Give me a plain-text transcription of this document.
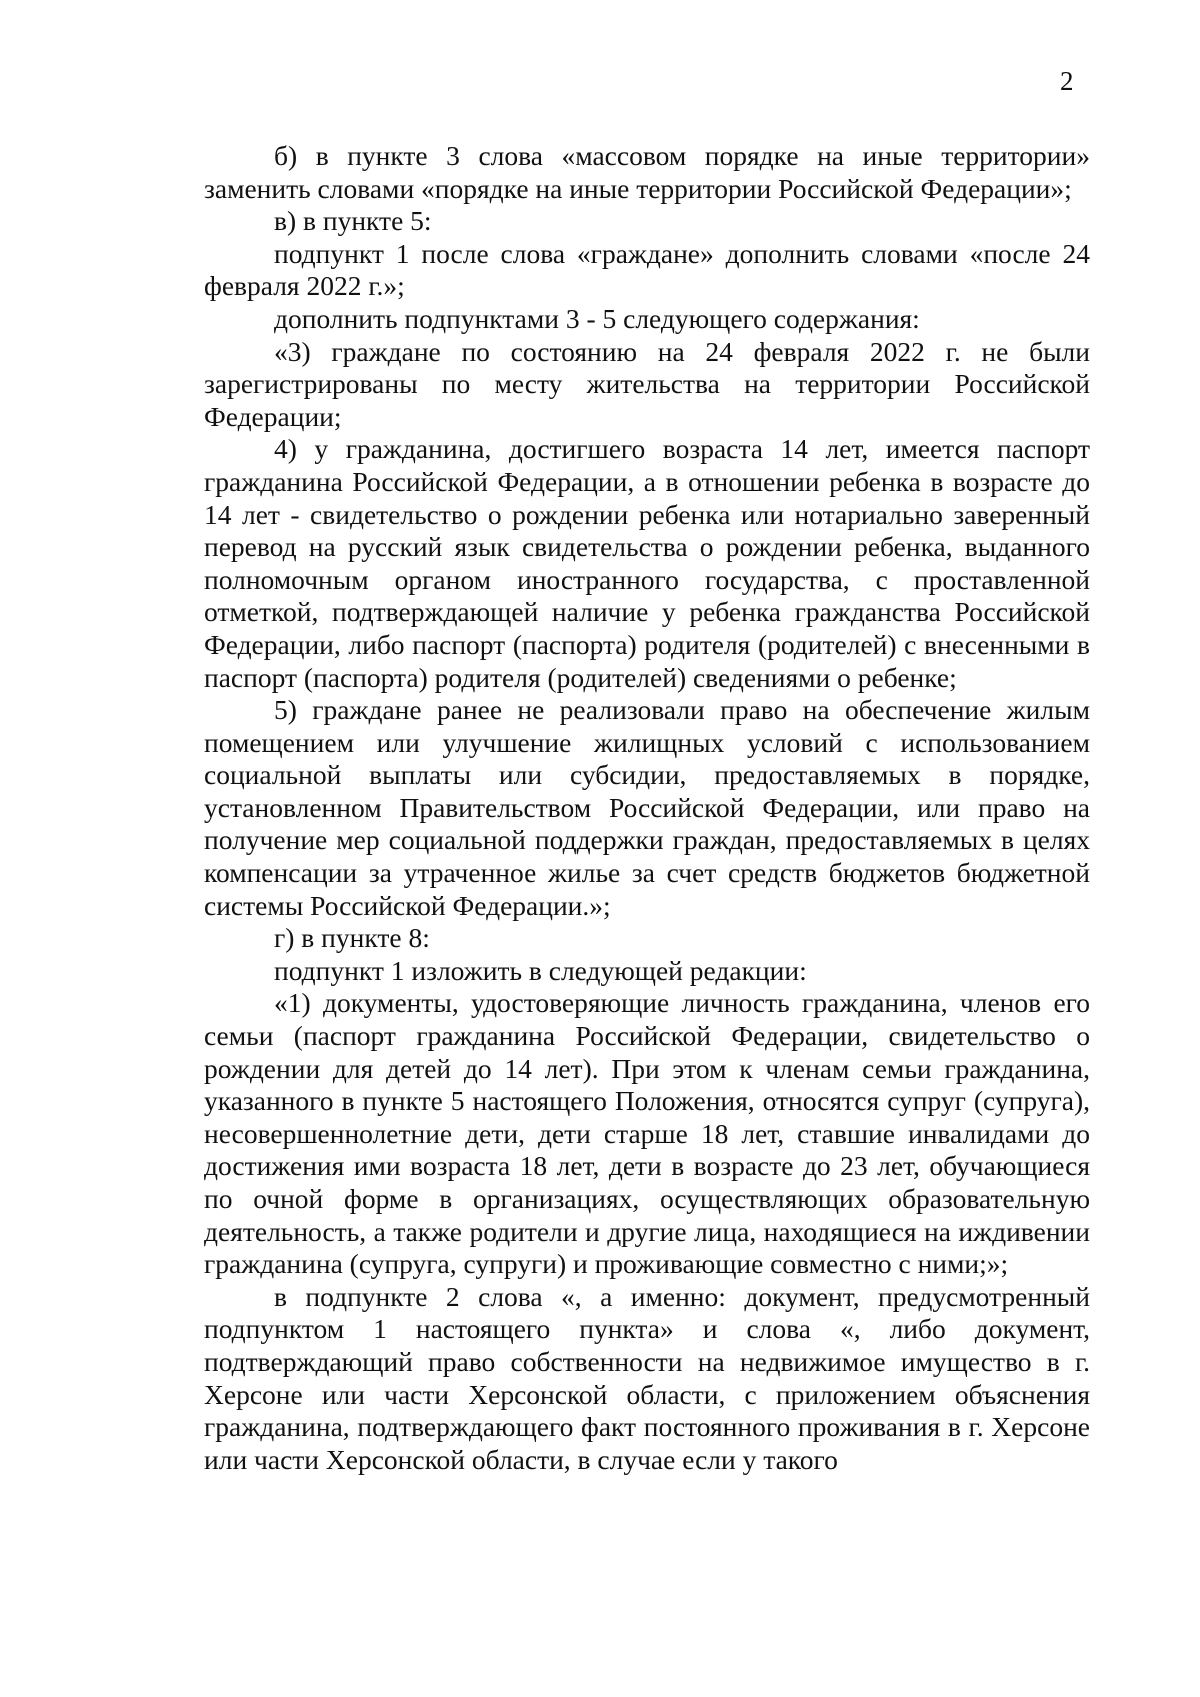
2

б) в пункте 3 слова «массовом порядке на иные территории» заменить словами «порядке на иные территории Российской Федерации»;

в) в пункте 5:

подпункт 1 после слова «граждане» дополнить словами «после 24 февраля 2022 г.»;

дополнить подпунктами 3 - 5 следующего содержания:

«3) граждане по состоянию на 24 февраля 2022 г. не были зарегистрированы по месту жительства на территории Российской Федерации;

4) у гражданина, достигшего возраста 14 лет, имеется паспорт гражданина Российской Федерации, а в отношении ребенка в возрасте до 14 лет - свидетельство о рождении ребенка или нотариально заверенный перевод на русский язык свидетельства о рождении ребенка, выданного полномочным органом иностранного государства, с проставленной отметкой, подтверждающей наличие у ребенка гражданства Российской Федерации, либо паспорт (паспорта) родителя (родителей) с внесенными в паспорт (паспорта) родителя (родителей) сведениями о ребенке;

5) граждане ранее не реализовали право на обеспечение жилым помещением или улучшение жилищных условий с использованием социальной выплаты или субсидии, предоставляемых в порядке, установленном Правительством Российской Федерации, или право на получение мер социальной поддержки граждан, предоставляемых в целях компенсации за утраченное жилье за счет средств бюджетов бюджетной системы Российской Федерации.»;

г) в пункте 8:

подпункт 1 изложить в следующей редакции:

«1) документы, удостоверяющие личность гражданина, членов его семьи (паспорт гражданина Российской Федерации, свидетельство о рождении для детей до 14 лет). При этом к членам семьи гражданина, указанного в пункте 5 настоящего Положения, относятся супруг (супруга), несовершеннолетние дети, дети старше 18 лет, ставшие инвалидами до достижения ими возраста 18 лет, дети в возрасте до 23 лет, обучающиеся по очной форме в организациях, осуществляющих образовательную деятельность, а также родители и другие лица, находящиеся на иждивении гражданина (супруга, супруги) и проживающие совместно с ними;»;

в подпункте 2 слова «, а именно: документ, предусмотренный подпунктом 1 настоящего пункта» и слова «, либо документ, подтверждающий право собственности на недвижимое имущество в г. Херсоне или части Херсонской области, с приложением объяснения гражданина, подтверждающего факт постоянного проживания в г. Херсоне или части Херсонской области, в случае если у такого
